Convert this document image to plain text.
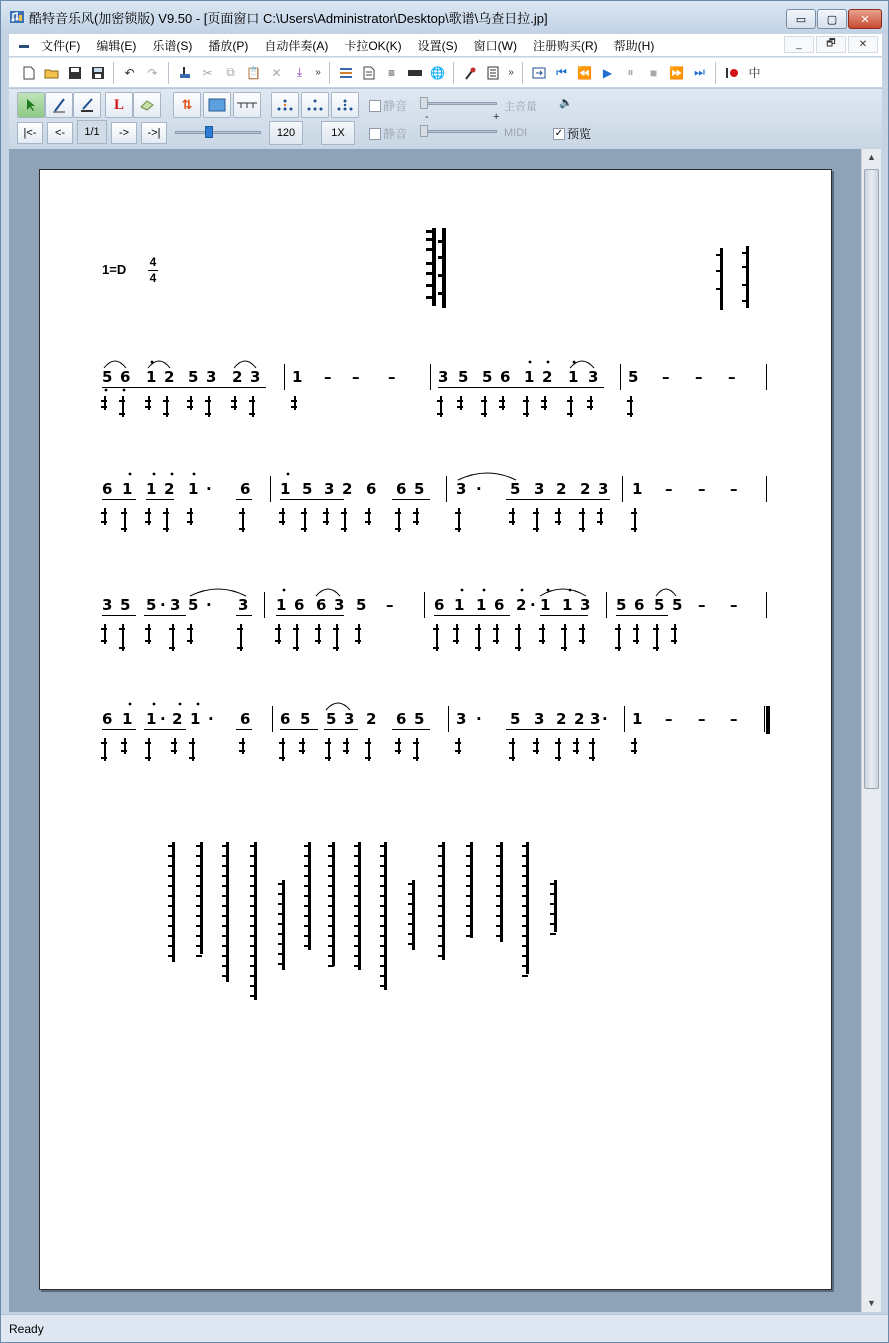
酷特音乐风(加密锁版) V9.50 - [页面窗口 C:\Users\Administrator\Desktop\歌谱\乌查日拉.jp]	▭	▢	✕
▬	文件(F)	编辑(E)	乐谱(S)	播放(P)	自动伴奏(A)	卡拉OK(K)	设置(S)	窗口(W)	注册购买(R)	帮助(H)	_	🗗	✕
↶	↷	✂	⧉ 📋 ✕	⤓	»	≡	🌐	»	⏮ ⏪ ▶	⏸	■ ⏩ ⏭	中
L	⇅	静音	主音量 🔈
-	+
|<-	<-	1/1	->	->|	120	1X	静音	MIDI	✓ 预览
1=D 4
4
5 6 1 2 5 3 2 3 1 – – –	3 5 5 6 1 2 1 3 5 – – –
6 1 1 2 1 · 6 1 5 3 2 6 6 5 3 · 5 3 2 2 3 1 – – –
3 5 5 · 3 5 · 3 1 6 6 3 5 –	6 1 1 6 2 · 1 1 3 5 6 5 5 – –
6 1 1 · 2 1 · 6 6 5 5 3 2 6 5 3 · 5 3 2 2 3 · 1 – – –
▲
▼
Ready
